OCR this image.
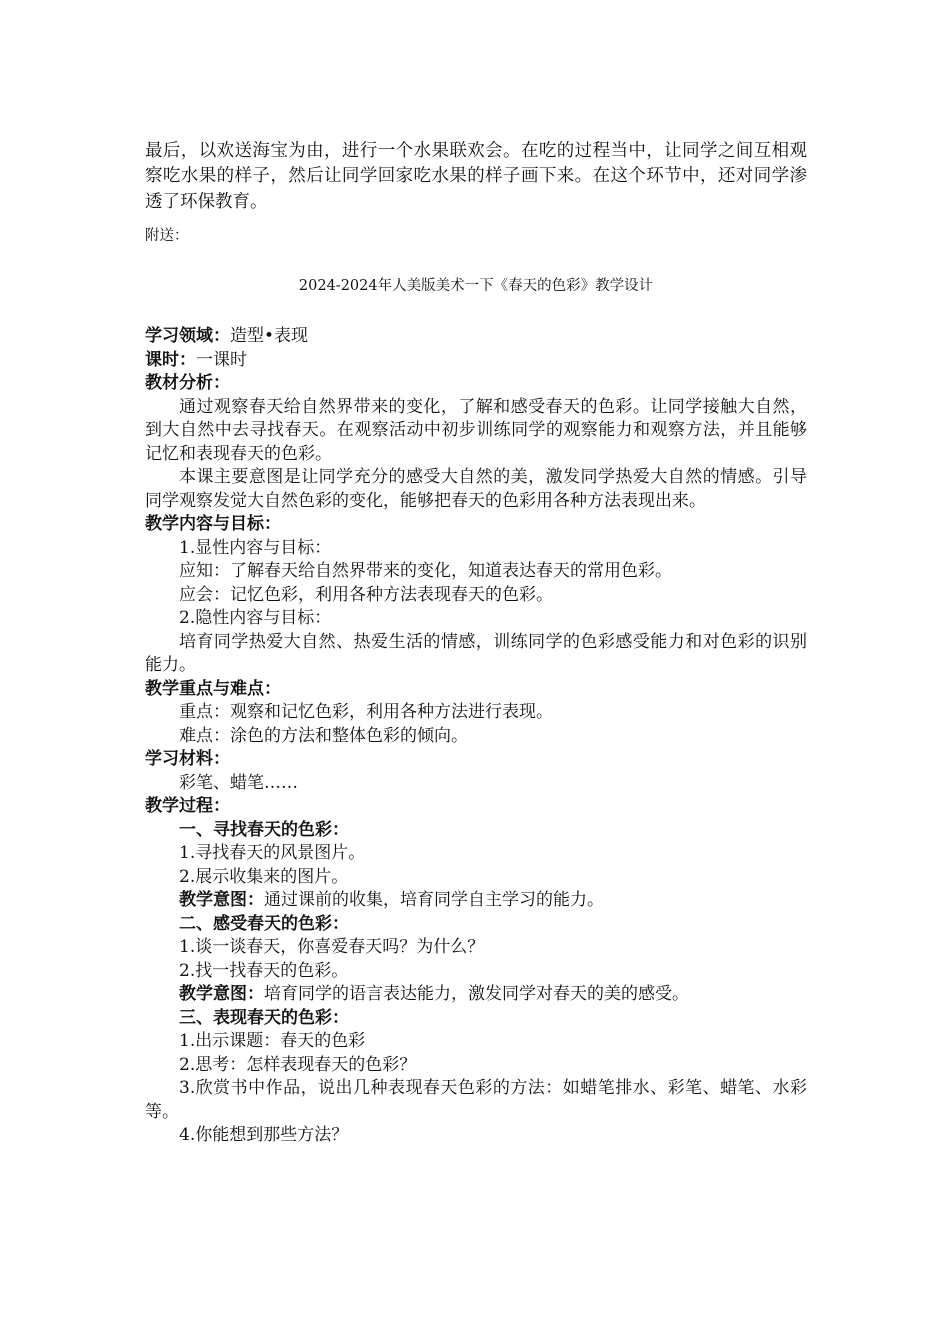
最后，以欢送海宝为由，进行一个水果联欢会。在吃的过程当中，让同学之间互相观察吃水果的样子，然后让同学回家吃水果的样子画下来。在这个环节中，还对同学渗透了环保教育。

附送：
2024-2024年人美版美术一下《春天的色彩》教学设计

学习领域：造型•表现

课时：一课时

教材分析：

通过观察春天给自然界带来的变化，了解和感受春天的色彩。让同学接触大自然，到大自然中去寻找春天。在观察活动中初步训练同学的观察能力和观察方法，并且能够记忆和表现春天的色彩。

本课主要意图是让同学充分的感受大自然的美，激发同学热爱大自然的情感。引导同学观察发觉大自然色彩的变化，能够把春天的色彩用各种方法表现出来。

教学内容与目标：

1.显性内容与目标：

应知：了解春天给自然界带来的变化，知道表达春天的常用色彩。

应会：记忆色彩，利用各种方法表现春天的色彩。

2.隐性内容与目标：

培育同学热爱大自然、热爱生活的情感，训练同学的色彩感受能力和对色彩的识别能力。

教学重点与难点：

重点：观察和记忆色彩，利用各种方法进行表现。

难点：涂色的方法和整体色彩的倾向。

学习材料：

彩笔、蜡笔……

教学过程：

一、寻找春天的色彩：

1.寻找春天的风景图片。

2.展示收集来的图片。

教学意图：通过课前的收集，培育同学自主学习的能力。

二、感受春天的色彩：

1.谈一谈春天，你喜爱春天吗？为什么？

2.找一找春天的色彩。

教学意图：培育同学的语言表达能力，激发同学对春天的美的感受。

三、表现春天的色彩：

1.出示课题：春天的色彩

2.思考：怎样表现春天的色彩？

3.欣赏书中作品，说出几种表现春天色彩的方法：如蜡笔排水、彩笔、蜡笔、水彩等。

4.你能想到那些方法？
